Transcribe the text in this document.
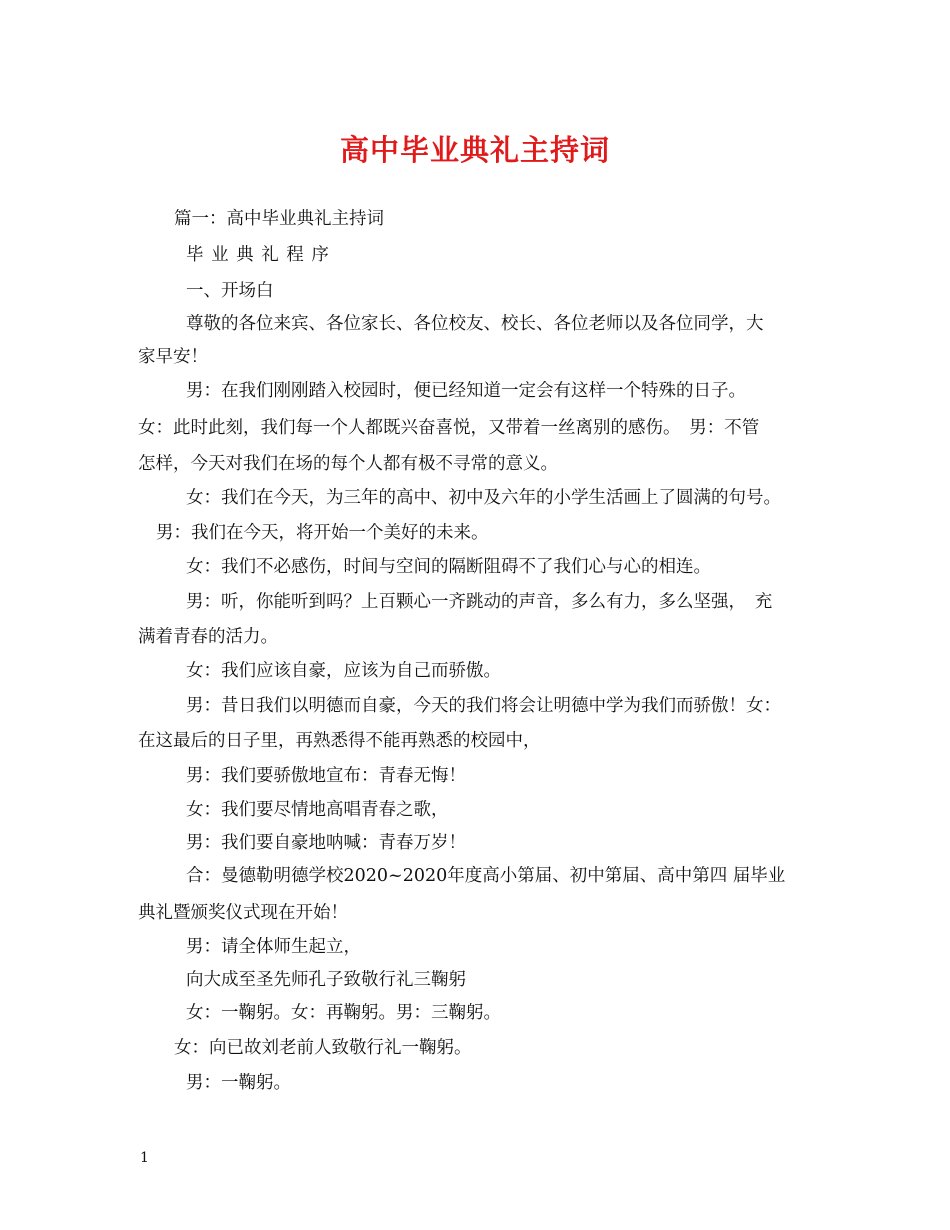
高中毕业典礼主持词
篇一：高中毕业典礼主持词
毕 业 典 礼 程 序
一、开场白
尊敬的各位来宾、各位家长、各位校友、校长、各位老师以及各位同学，大
家早安！
男：在我们刚刚踏入校园时，便已经知道一定会有这样一个特殊的日子。
女：此时此刻，我们每一个人都既兴奋喜悦，又带着一丝离别的感伤。　男：不管
怎样，今天对我们在场的每个人都有极不寻常的意义。
女：我们在今天，为三年的高中、初中及六年的小学生活画上了圆满的句号。
男：我们在今天，将开始一个美好的未来。
女：我们不必感伤，时间与空间的隔断阻碍不了我们心与心的相连。
男：听，你能听到吗？上百颗心一齐跳动的声音，多么有力，多么坚强，　充
满着青春的活力。
女：我们应该自豪，应该为自己而骄傲。
男：昔日我们以明德而自豪，今天的我们将会让明德中学为我们而骄傲！女：
在这最后的日子里，再熟悉得不能再熟悉的校园中，
男：我们要骄傲地宣布：青春无悔！
女：我们要尽情地高唱青春之歌，
男：我们要自豪地呐喊：青春万岁！
合：曼德勒明德学校2020~2020年度高小第届、初中第届、高中第四 届毕业
典礼暨颁奖仪式现在开始！
男：请全体师生起立，
向大成至圣先师孔子致敬行礼三鞠躬
女：一鞠躬。女：再鞠躬。男：三鞠躬。
女：向已故刘老前人致敬行礼一鞠躬。
男：一鞠躬。
1
